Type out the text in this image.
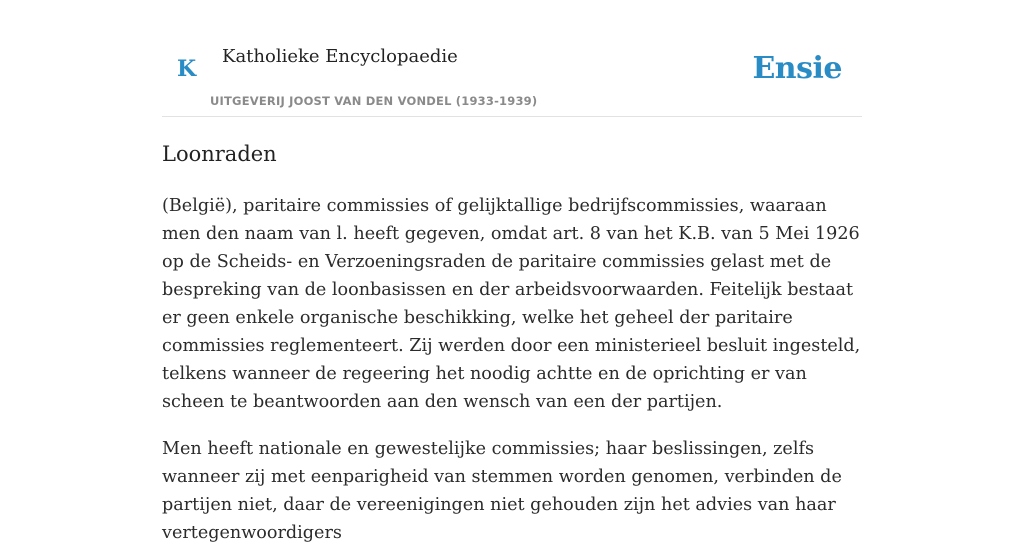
K Katholieke Encyclopaedie
UITGEVERIJ JOOST VAN DEN VONDEL (1933-1939)
Ensie
Loonraden

(België), paritaire commissies of gelijktallige bedrijfscommissies, waaraan men den naam van l. heeft gegeven, omdat art. 8 van het K.B. van 5 Mei 1926 op de Scheids- en Verzoeningsraden de paritaire commissies gelast met de bespreking van de loonbasissen en der arbeidsvoorwaarden. Feitelijk bestaat er geen enkele organische beschikking, welke het geheel der paritaire commissies reglementeert. Zij werden door een ministerieel besluit ingesteld, telkens wanneer de regeering het noodig achtte en de oprichting er van scheen te beantwoorden aan den wensch van een der partijen.

Men heeft nationale en gewestelijke commissies; haar beslissingen, zelfs wanneer zij met eenparigheid van stemmen worden genomen, verbinden de partijen niet, daar de vereenigingen niet gehouden zijn het advies van haar vertegenwoordigers
